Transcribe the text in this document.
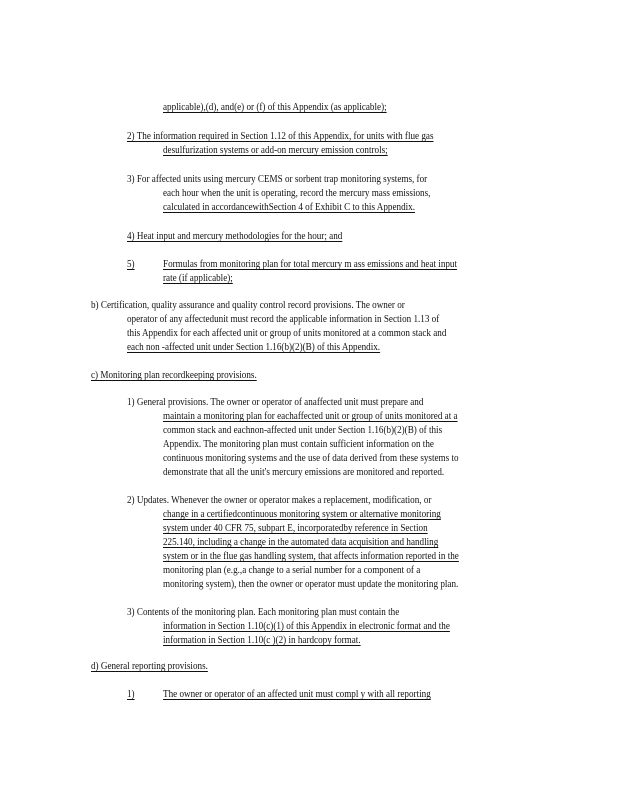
applicable),(d), and(e) or (f) of this Appendix (as applicable);

2) The information required in Section 1.12 of this Appendix, for units with flue gas

desulfurization systems or add-on mercury emission controls;

3) For affected units using mercury CEMS or sorbent trap monitoring systems, for

each hour when the unit is operating, record the mercury mass emissions,

calculated in accordancewithSection 4 of Exhibit C to this Appendix.

4) Heat input and mercury methodologies for the hour; and

5)	Formulas from monitoring plan for total mercury m ass emissions and heat input

rate (if applicable);

b) Certification, quality assurance and quality control record provisions. The owner or

operator of any affectedunit must record the applicable information in Section 1.13 of

this Appendix for each affected unit or group of units monitored at a common stack and

each non -affected unit under Section 1.16(b)(2)(B) of this Appendix.

c) Monitoring plan recordkeeping provisions.

1) General provisions. The owner or operator of anaffected unit must prepare and

maintain a monitoring plan for eachaffected unit or group of units monitored at a

common stack and eachnon-affected unit under Section 1.16(b)(2)(B) of this

Appendix. The monitoring plan must contain sufficient information on the

continuous monitoring systems and the use of data derived from these systems to

demonstrate that all the unit's mercury emissions are monitored and reported.

2) Updates. Whenever the owner or operator makes a replacement, modification, or

change in a certifiedcontinuous monitoring system or alternative monitoring

system under 40 CFR 75, subpart E, incorporatedby reference in Section

225.140, including a change in the automated data acquisition and handling

system or in the flue gas handling system, that affects information reported in the

monitoring plan (e.g.,a change to a serial number for a component of a

monitoring system), then the owner or operator must update the monitoring plan.

3) Contents of the monitoring plan. Each monitoring plan must contain the

information in Section 1.10(c)(1) of this Appendix in electronic format and the

information in Section 1.10(c )(2) in hardcopy format.

d) General reporting provisions.

1)	The owner or operator of an affected unit must compl y with all reporting
